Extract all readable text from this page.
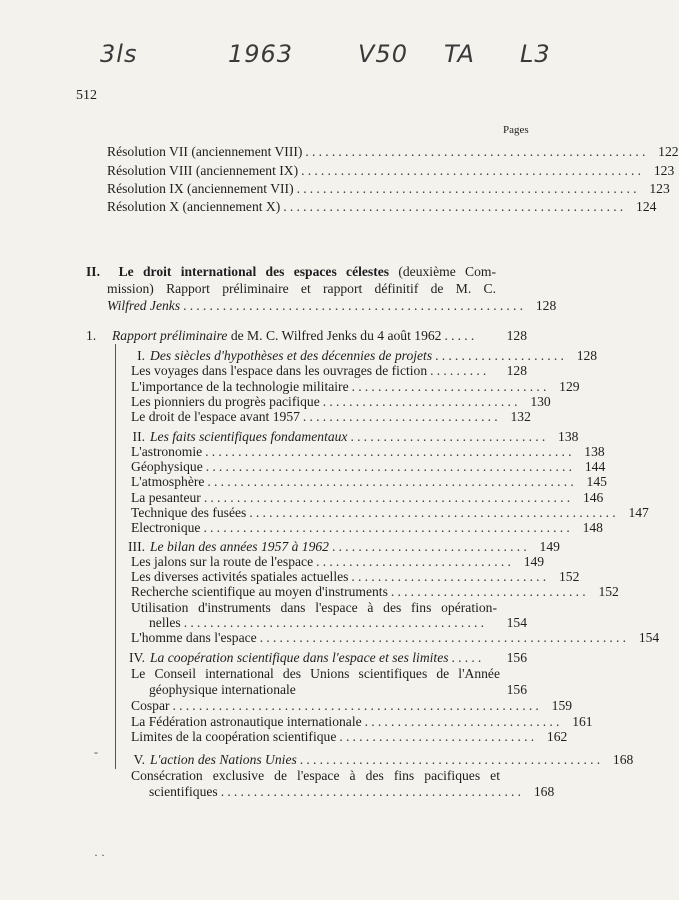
3ls	1963	V50 TA L3
512
Pages
Résolution VII (anciennement VIII) .................................................... 122
Résolution VIII (anciennement IX) .................................................... 123
Résolution IX (anciennement VII) .................................................... 123
Résolution X (anciennement X) .................................................... 124
II. Le droit international des espaces célestes (deuxième Com-
mission) Rapport préliminaire et rapport définitif de M. C.
Wilfred Jenks .................................................... 128
1. Rapport préliminaire de M. C. Wilfred Jenks du 4 août 1962 .....	128
I. Des siècles d'hypothèses et des décennies de projets .................... 128
Les voyages dans l'espace dans les ouvrages de fiction .........	128
L'importance de la technologie militaire .............................. 129
Les pionniers du progrès pacifique .............................. 130
Le droit de l'espace avant 1957 .............................. 132
II. Les faits scientifiques fondamentaux .............................. 138
L'astronomie ........................................................ 138
Géophysique ........................................................ 144
L'atmosphère ........................................................ 145
La pesanteur ........................................................ 146
Technique des fusées ........................................................ 147
Electronique ........................................................ 148
III. Le bilan des années 1957 à 1962 .............................. 149
Les jalons sur la route de l'espace .............................. 149
Les diverses activités spatiales actuelles .............................. 152
Recherche scientifique au moyen d'instruments .............................. 152
Utilisation d'instruments dans l'espace à des fins opération-
nelles ..............................................	154
L'homme dans l'espace ........................................................ 154
IV. La coopération scientifique dans l'espace et ses limites .....	156
Le Conseil international des Unions scientifiques de l'Année
géophysique internationale	156
Cospar ........................................................ 159
La Fédération astronautique internationale .............................. 161
Limites de la coopération scientifique .............................. 162
-	V. L'action des Nations Unies .............................................. 168
Consécration exclusive de l'espace à des fins pacifiques et
scientifiques .............................................. 168
··
